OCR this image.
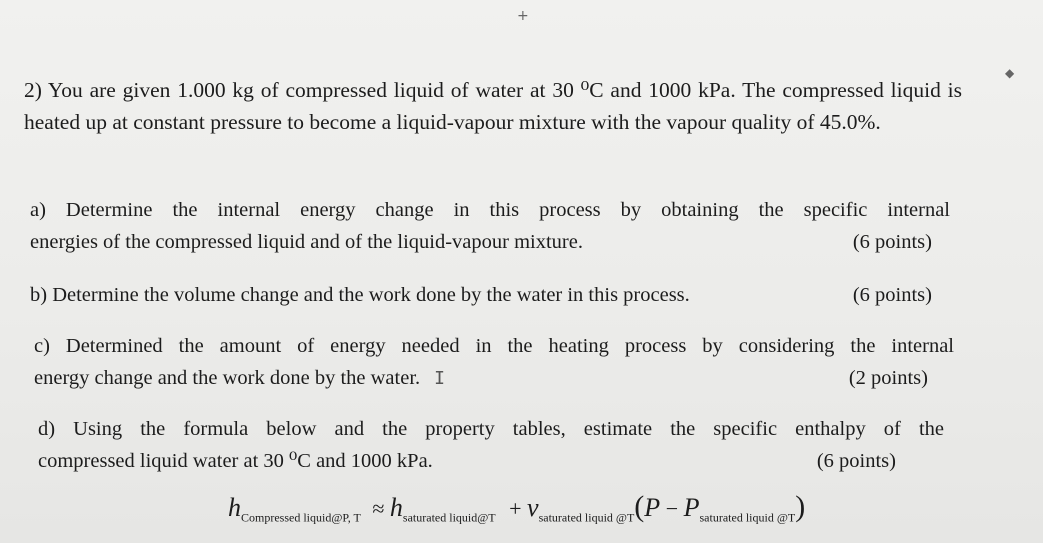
+
◆

2) You are given 1.000 kg of compressed liquid of water at 30 ⁰C and 1000 kPa. The compressed liquid is heated up at constant pressure to become a liquid-vapour mixture with the vapour quality of 45.0%.

a) Determine the internal energy change in this process by obtaining the specific internal
energies of the compressed liquid and of the liquid-vapour mixture.	(6 points)
b) Determine the volume change and the work done by the water in this process.	(6 points)
c) Determined the amount of energy needed in the heating process by considering the internal
energy change and the work done by the water. I	(2 points)
d) Using the formula below and the property tables, estimate the specific enthalpy of the
compressed liquid water at 30 ⁰C and 1000 kPa.	(6 points)
$h_{Compressed liquid@P, T} \approx h_{saturated liquid@T} + v_{saturated liquid @T}(P - P_{saturated liquid @T})$
